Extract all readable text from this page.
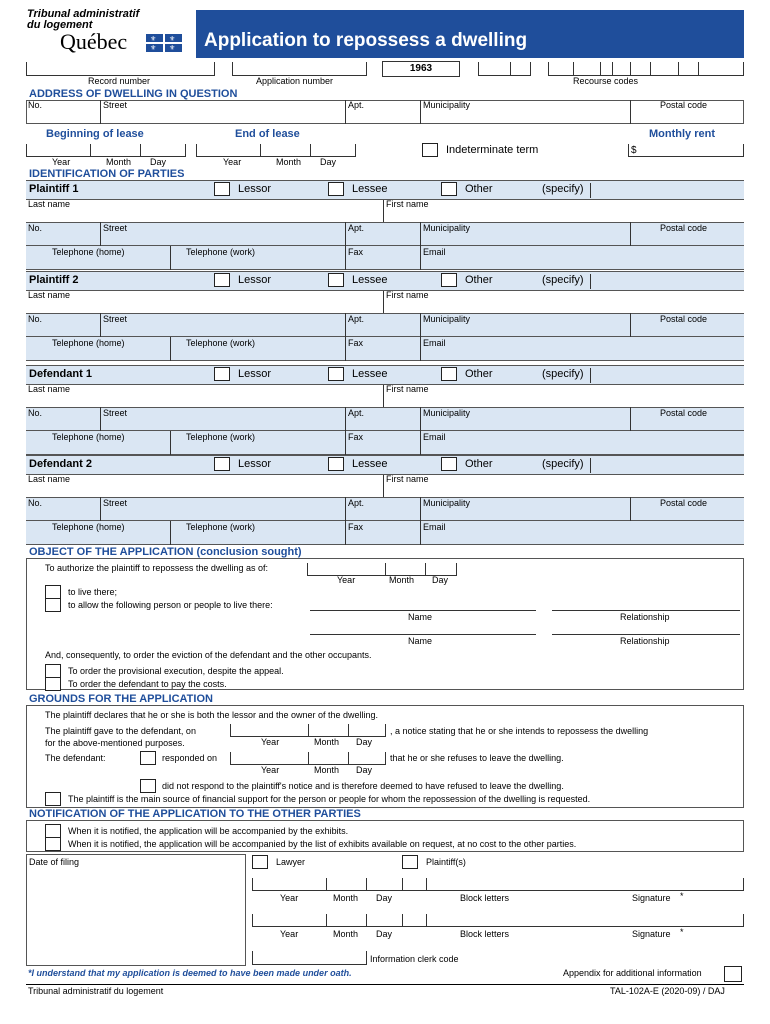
Tribunal administratif
du logement
Québec	⚜ ⚜
⚜ ⚜ Application to repossess a dwelling
1963
Record number	Application number	Recourse codes
ADDRESS OF DWELLING IN QUESTION
No.	Street	Apt.	Municipality	Postal code
Beginning of lease	End of lease	Monthly rent
Year	Month Day	Year	Month Day
Indeterminate term	$
IDENTIFICATION OF PARTIES
Plaintiff 1	Lessor	Lessee	Other	(specify)
Last name	First name
No.	Street	Apt.	Municipality	Postal code
Telephone (home)	Telephone (work)	Fax	Email
Plaintiff 2	Lessor	Lessee	Other	(specify)
Last name	First name
No.	Street	Apt.	Municipality	Postal code
Telephone (home)	Telephone (work)	Fax	Email
Defendant 1	Lessor	Lessee	Other	(specify)
Last name	First name
No.	Street	Apt.	Municipality	Postal code
Telephone (home)	Telephone (work)	Fax	Email
Defendant 2	Lessor	Lessee	Other	(specify)
Last name	First name
No.	Street	Apt.	Municipality	Postal code
Telephone (home)	Telephone (work)	Fax	Email
OBJECT OF THE APPLICATION (conclusion sought)
To authorize the plaintiff to repossess the dwelling as of:
Year	Month Day
to live there;
to allow the following person or people to live there:
Name	Relationship
Name	Relationship
And, consequently, to order the eviction of the defendant and the other occupants.
To order the provisional execution, despite the appeal.
To order the defendant to pay the costs.
GROUNDS FOR THE APPLICATION
The plaintiff declares that he or she is both the lessor and the owner of the dwelling.
The plaintiff gave to the defendant, on
for the above-mentioned purposes.	Year	Month Day
, a notice stating that he or she intends to repossess the dwelling
The defendant:	responded on
Year	Month Day
that he or she refuses to leave the dwelling.
did not respond to the plaintiff's notice and is therefore deemed to have refused to leave the dwelling.
The plaintiff is the main source of financial support for the person or people for whom the repossession of the dwelling is requested.
NOTIFICATION OF THE APPLICATION TO THE OTHER PARTIES
When it is notified, the application will be accompanied by the exhibits.
When it is notified, the application will be accompanied by the list of exhibits available on request, at no cost to the other parties.
Date of filing	Lawyer	Plaintiff(s)
Year	Month Day	Block letters	Signature *
Year	Month Day	Block letters	Signature *
Information clerk code
*I understand that my application is deemed to have been made under oath.	Appendix for additional information
Tribunal administratif du logement	TAL-102A-E (2020-09) / DAJ
